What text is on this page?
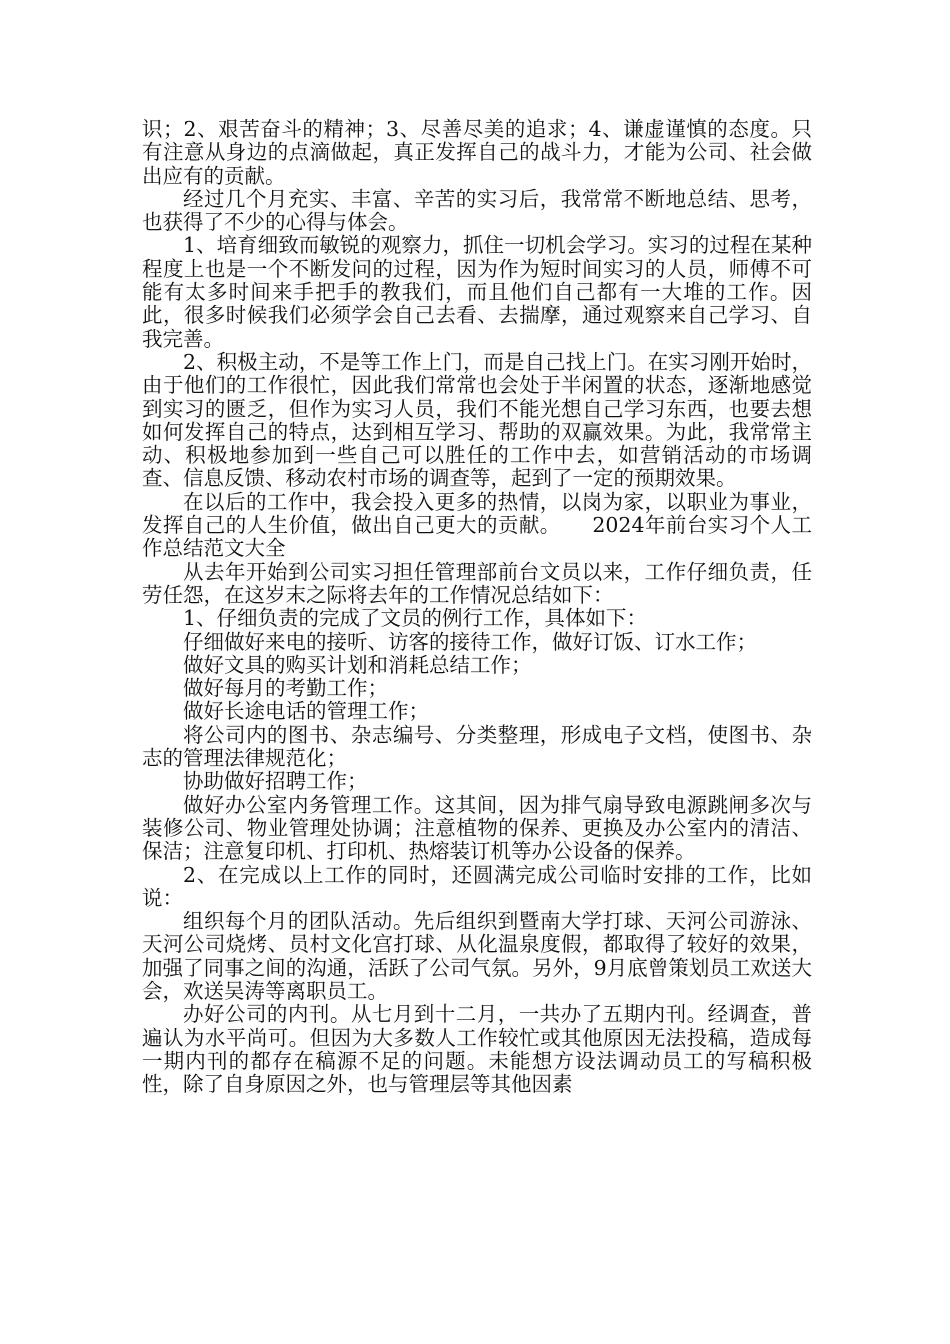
识；2、艰苦奋斗的精神；3、尽善尽美的追求；4、谦虚谨慎的态度。只有注意从身边的点滴做起，真正发挥自己的战斗力，才能为公司、社会做出应有的贡献。

经过几个月充实、丰富、辛苦的实习后，我常常不断地总结、思考，也获得了不少的心得与体会。

1、培育细致而敏锐的观察力，抓住一切机会学习。实习的过程在某种程度上也是一个不断发问的过程，因为作为短时间实习的人员，师傅不可能有太多时间来手把手的教我们，而且他们自己都有一大堆的工作。因此，很多时候我们必须学会自己去看、去揣摩，通过观察来自己学习、自我完善。

2、积极主动，不是等工作上门，而是自己找上门。在实习刚开始时，由于他们的工作很忙，因此我们常常也会处于半闲置的状态，逐渐地感觉到实习的匮乏，但作为实习人员，我们不能光想自己学习东西，也要去想如何发挥自己的特点，达到相互学习、帮助的双赢效果。为此，我常常主动、积极地参加到一些自己可以胜任的工作中去，如营销活动的市场调查、信息反馈、移动农村市场的调查等，起到了一定的预期效果。

在以后的工作中，我会投入更多的热情，以岗为家，以职业为事业，发挥自己的人生价值，做出自己更大的贡献。　　2024年前台实习个人工作总结范文大全

从去年开始到公司实习担任管理部前台文员以来，工作仔细负责，任劳任怨，在这岁末之际将去年的工作情况总结如下：

1、仔细负责的完成了文员的例行工作，具体如下：

仔细做好来电的接听、访客的接待工作，做好订饭、订水工作；

做好文具的购买计划和消耗总结工作；

做好每月的考勤工作；

做好长途电话的管理工作；

将公司内的图书、杂志编号、分类整理，形成电子文档，使图书、杂志的管理法律规范化；

协助做好招聘工作；

做好办公室内务管理工作。这其间，因为排气扇导致电源跳闸多次与装修公司、物业管理处协调；注意植物的保养、更换及办公室内的清洁、保洁；注意复印机、打印机、热熔装订机等办公设备的保养。

2、在完成以上工作的同时，还圆满完成公司临时安排的工作，比如说：

组织每个月的团队活动。先后组织到暨南大学打球、天河公司游泳、天河公司烧烤、员村文化宫打球、从化温泉度假，都取得了较好的效果，加强了同事之间的沟通，活跃了公司气氛。另外，9月底曾策划员工欢送大会，欢送吴涛等离职员工。

办好公司的内刊。从七月到十二月，一共办了五期内刊。经调查，普遍认为水平尚可。但因为大多数人工作较忙或其他原因无法投稿，造成每一期内刊的都存在稿源不足的问题。未能想方设法调动员工的写稿积极性，除了自身原因之外，也与管理层等其他因素
